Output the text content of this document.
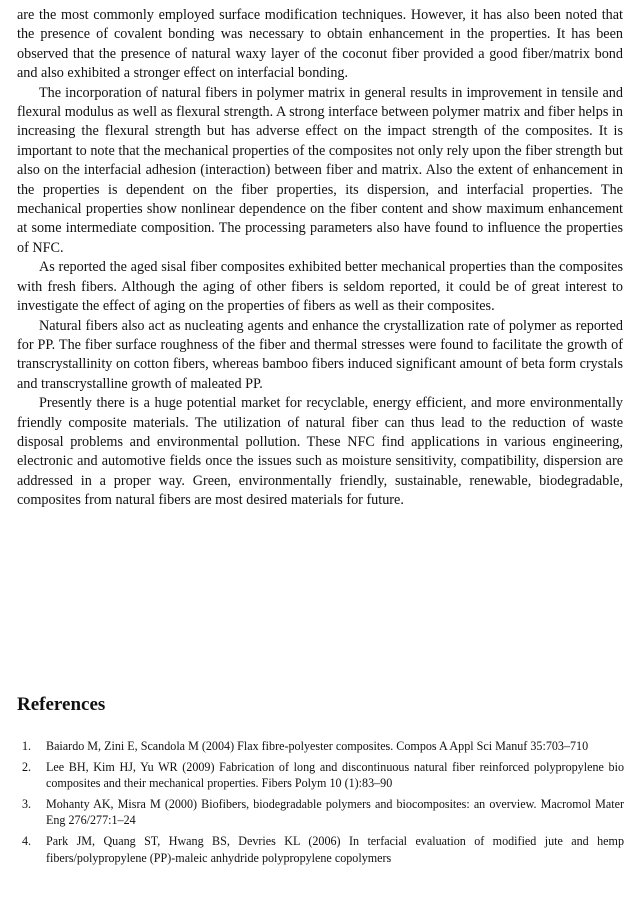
are the most commonly employed surface modification techniques. However, it has also been noted that the presence of covalent bonding was necessary to obtain enhancement in the properties. It has been observed that the presence of natural waxy layer of the coconut fiber provided a good fiber/matrix bond and also exhibited a stronger effect on interfacial bonding.

The incorporation of natural fibers in polymer matrix in general results in improvement in tensile and flexural modulus as well as flexural strength. A strong interface between polymer matrix and fiber helps in increasing the flexural strength but has adverse effect on the impact strength of the composites. It is important to note that the mechanical properties of the composites not only rely upon the fiber strength but also on the interfacial adhesion (interaction) between fiber and matrix. Also the extent of enhancement in the properties is dependent on the fiber properties, its dispersion, and interfacial properties. The mechanical properties show nonlinear dependence on the fiber content and show maximum enhancement at some intermediate composition. The processing parameters also have found to influence the properties of NFC.

As reported the aged sisal fiber composites exhibited better mechanical properties than the composites with fresh fibers. Although the aging of other fibers is seldom reported, it could be of great interest to investigate the effect of aging on the properties of fibers as well as their composites.

Natural fibers also act as nucleating agents and enhance the crystallization rate of polymer as reported for PP. The fiber surface roughness of the fiber and thermal stresses were found to facilitate the growth of transcrystallinity on cotton fibers, whereas bamboo fibers induced significant amount of beta form crystals and transcrystalline growth of maleated PP.

Presently there is a huge potential market for recyclable, energy efficient, and more environmentally friendly composite materials. The utilization of natural fiber can thus lead to the reduction of waste disposal problems and environmental pollution. These NFC find applications in various engineering, electronic and automotive fields once the issues such as moisture sensitivity, compatibility, dispersion are addressed in a proper way. Green, environmentally friendly, sustainable, renewable, biodegradable, composites from natural fibers are most desired materials for future.

References
1.	Baiardo M, Zini E, Scandola M (2004) Flax fibre-polyester composites. Compos A Appl Sci Manuf 35:703–710
2.	Lee BH, Kim HJ, Yu WR (2009) Fabrication of long and discontinuous natural fiber reinforced polypropylene bio composites and their mechanical properties. Fibers Polym 10 (1):83–90
3.	Mohanty AK, Misra M (2000) Biofibers, biodegradable polymers and biocomposites: an overview. Macromol Mater Eng 276/277:1–24
4.	Park JM, Quang ST, Hwang BS, Devries KL (2006) In terfacial evaluation of modified jute and hemp fibers/polypropylene (PP)-maleic anhydride polypropylene copolymers
